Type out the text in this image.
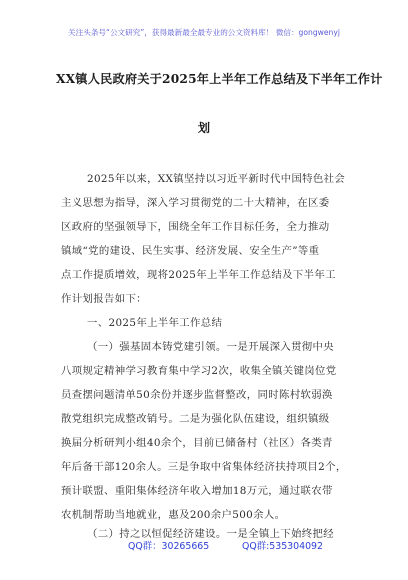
关注头条号“公文研究”，获得最新最全最专业的公文资料库！ 微信：gongwenyj
XX镇人民政府关于2025年上半年工作总结及下半年工作计
划
2025年以来，XX镇坚持以习近平新时代中国特色社会
主义思想为指导，深入学习贯彻党的二十大精神，在区委
区政府的坚强领导下，围绕全年工作目标任务，全力推动
镇域“党的建设、民生实事、经济发展、安全生产”等重
点工作提质增效，现将2025年上半年工作总结及下半年工
作计划报告如下：
一、2025年上半年工作总结
（一）强基固本铸党建引领。一是开展深入贯彻中央
八项规定精神学习教育集中学习2次，收集全镇关键岗位党
员查摆问题清单50余份并逐步监督整改，同时陈村软弱涣
散党组织完成整改销号。二是为强化队伍建设，组织镇级
换届分析研判小组40余个，目前已储备村（社区）各类青
年后备干部120余人。三是争取中省集体经济扶持项目2个，
预计联盟、重阳集体经济年收入增加18万元，通过联农带
农机制帮助当地就业，惠及200余户500余人。
（二）持之以恒促经济建设。一是全镇上下始终把经
QQ群：30265665	QQ群:535304092
